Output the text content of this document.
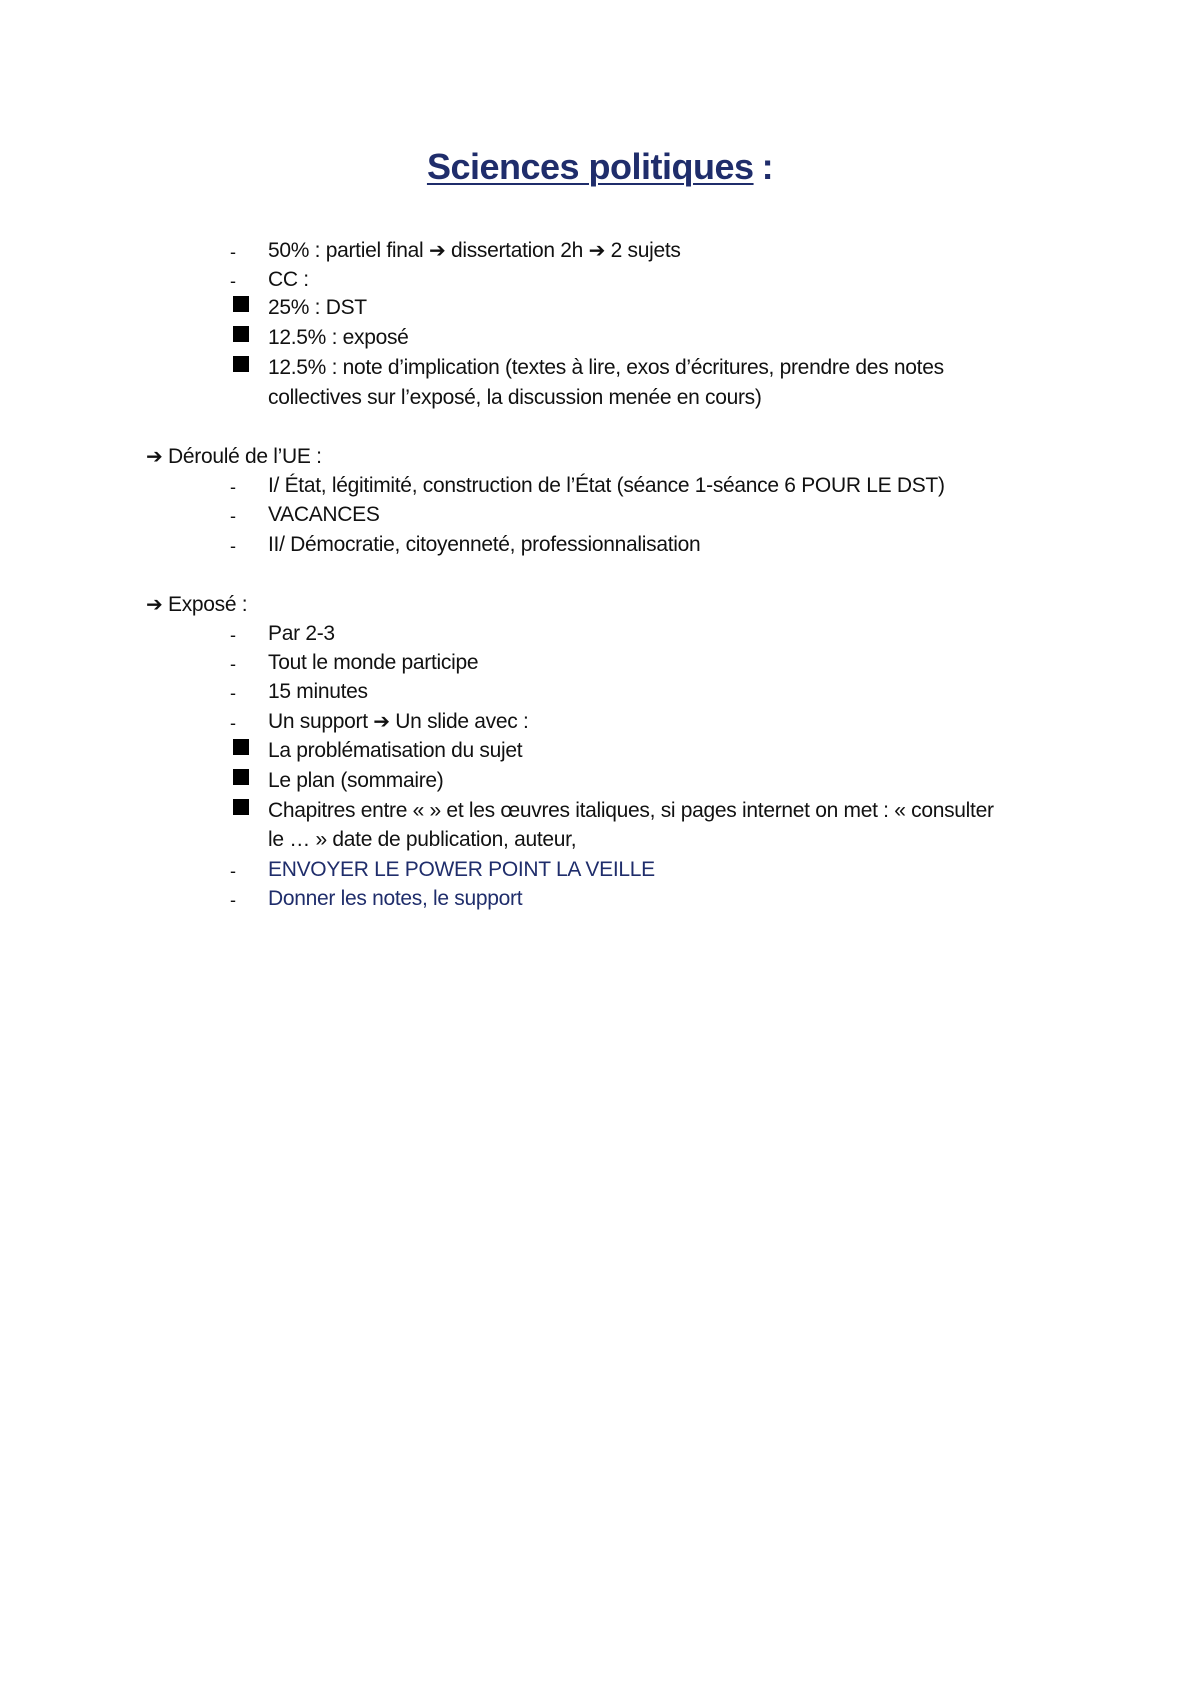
Sciences politiques :
-	50% : partiel final ➔ dissertation 2h ➔ 2 sujets
-	CC :
25% : DST
12.5% : exposé
12.5% : note d’implication (textes à lire, exos d’écritures, prendre des notes
collectives sur l’exposé, la discussion menée en cours)
➔ Déroulé de l’UE :
-	I/ État, légitimité, construction de l’État (séance 1-séance 6 POUR LE DST)
-	VACANCES
-	II/ Démocratie, citoyenneté, professionnalisation
➔ Exposé :
-	Par 2-3
-	Tout le monde participe
-	15 minutes
-	Un support ➔ Un slide avec :
La problématisation du sujet
Le plan (sommaire)
Chapitres entre « » et les œuvres italiques, si pages internet on met : « consulter
le … » date de publication, auteur,
-	ENVOYER LE POWER POINT LA VEILLE
-	Donner les notes, le support
